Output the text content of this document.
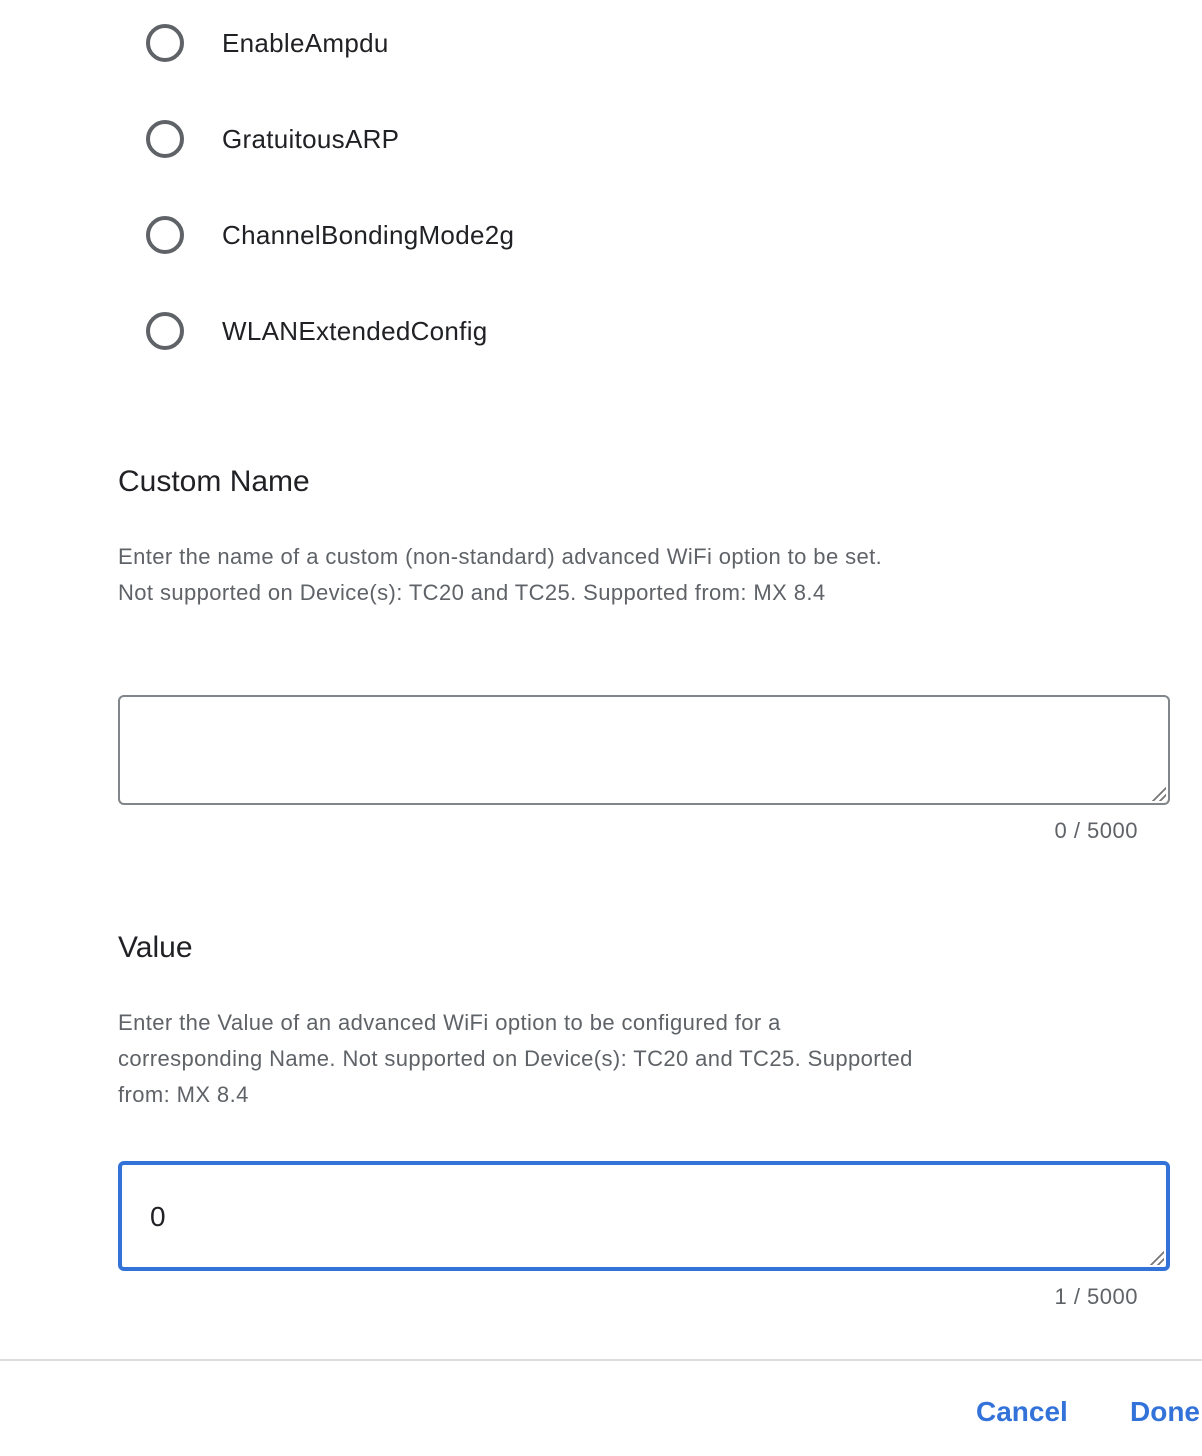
EnableAmpdu
GratuitousARP
ChannelBondingMode2g
WLANExtendedConfig
Custom Name
Enter the name of a custom (non-standard) advanced WiFi option to be set. Not supported on Device(s): TC20 and TC25. Supported from: MX 8.4
0 / 5000
Value
Enter the Value of an advanced WiFi option to be configured for a corresponding Name. Not supported on Device(s): TC20 and TC25. Supported from: MX 8.4
0
1 / 5000
Cancel Done
